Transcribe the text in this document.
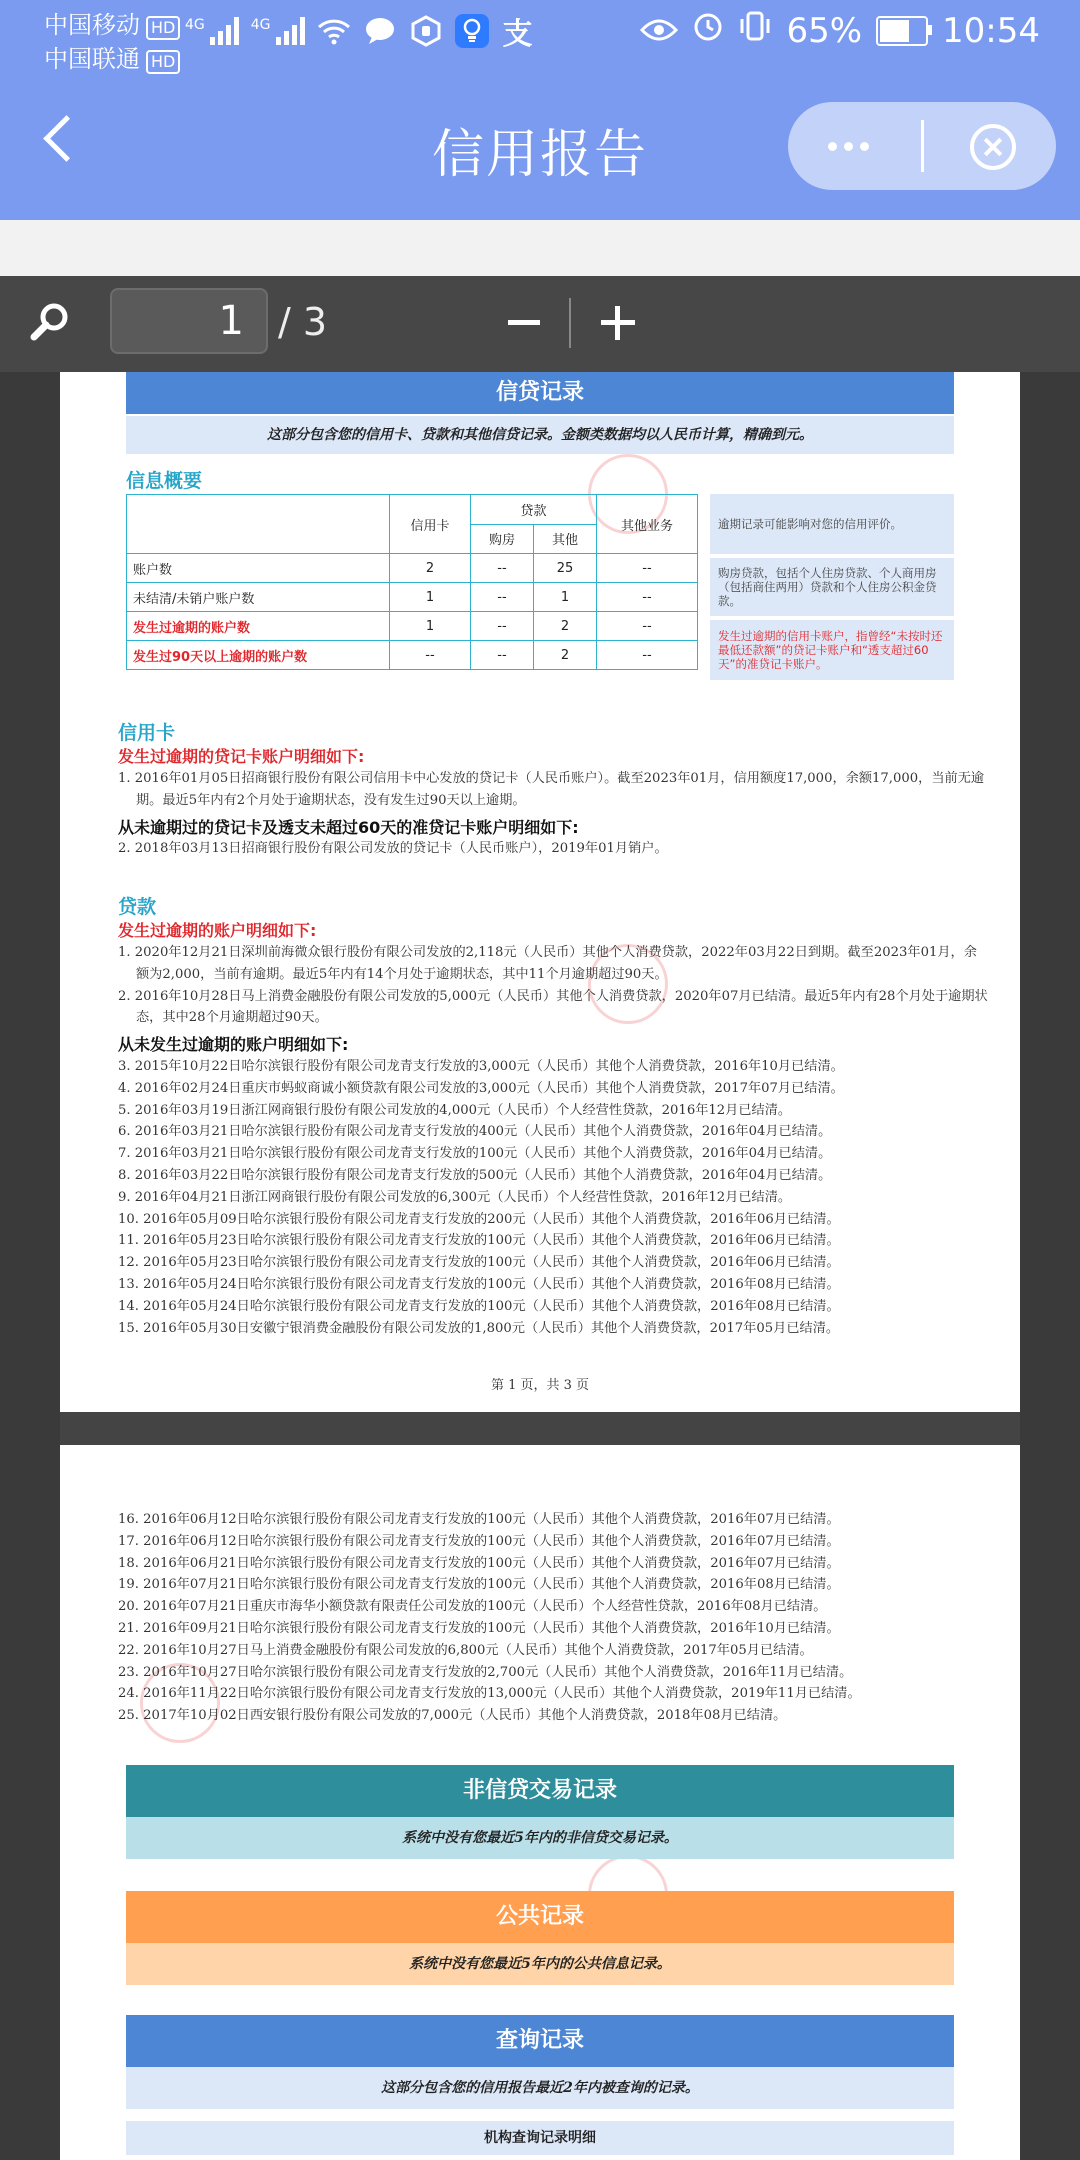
中国移动 HD
中国联通 HD
4G	4G	支	65% 10:54
信用报告
1 / 3
信贷记录
这部分包含您的信用卡、贷款和其他信贷记录。金额类数据均以人民币计算，精确到元。
信息概要
	信用卡	贷款		其他业务
		购房	其他	
账户数	2	--	25	--
未结清/未销户账户数	1	--	1	--
发生过逾期的账户数	1	--	2	--
发生过90天以上逾期的账户数	--	--	2	--
逾期记录可能影响对您的信用评价。
购房贷款，包括个人住房贷款、个人商用房（包括商住两用）贷款和个人住房公积金贷款。
发生过逾期的信用卡账户，指曾经“未按时还最低还款额”的贷记卡账户和“透支超过60天”的准贷记卡账户。
信用卡
发生过逾期的贷记卡账户明细如下:
1. 2016年01月05日招商银行股份有限公司信用卡中心发放的贷记卡（人民币账户）。截至2023年01月，信用额度17,000，余额17,000，当前无逾期。最近5年内有2个月处于逾期状态，没有发生过90天以上逾期。
从未逾期过的贷记卡及透支未超过60天的准贷记卡账户明细如下:
2. 2018年03月13日招商银行股份有限公司发放的贷记卡（人民币账户），2019年01月销户。
贷款
发生过逾期的账户明细如下:
1. 2020年12月21日深圳前海微众银行股份有限公司发放的2,118元（人民币）其他个人消费贷款，2022年03月22日到期。截至2023年01月，余额为2,000，当前有逾期。最近5年内有14个月处于逾期状态，其中11个月逾期超过90天。
2. 2016年10月28日马上消费金融股份有限公司发放的5,000元（人民币）其他个人消费贷款，2020年07月已结清。最近5年内有28个月处于逾期状态，其中28个月逾期超过90天。
从未发生过逾期的账户明细如下:
3. 2015年10月22日哈尔滨银行股份有限公司龙青支行发放的3,000元（人民币）其他个人消费贷款，2016年10月已结清。
4. 2016年02月24日重庆市蚂蚁商诚小额贷款有限公司发放的3,000元（人民币）其他个人消费贷款，2017年07月已结清。
5. 2016年03月19日浙江网商银行股份有限公司发放的4,000元（人民币）个人经营性贷款，2016年12月已结清。
6. 2016年03月21日哈尔滨银行股份有限公司龙青支行发放的400元（人民币）其他个人消费贷款，2016年04月已结清。
7. 2016年03月21日哈尔滨银行股份有限公司龙青支行发放的100元（人民币）其他个人消费贷款，2016年04月已结清。
8. 2016年03月22日哈尔滨银行股份有限公司龙青支行发放的500元（人民币）其他个人消费贷款，2016年04月已结清。
9. 2016年04月21日浙江网商银行股份有限公司发放的6,300元（人民币）个人经营性贷款，2016年12月已结清。
10. 2016年05月09日哈尔滨银行股份有限公司龙青支行发放的200元（人民币）其他个人消费贷款，2016年06月已结清。
11. 2016年05月23日哈尔滨银行股份有限公司龙青支行发放的100元（人民币）其他个人消费贷款，2016年06月已结清。
12. 2016年05月23日哈尔滨银行股份有限公司龙青支行发放的100元（人民币）其他个人消费贷款，2016年06月已结清。
13. 2016年05月24日哈尔滨银行股份有限公司龙青支行发放的100元（人民币）其他个人消费贷款，2016年08月已结清。
14. 2016年05月24日哈尔滨银行股份有限公司龙青支行发放的100元（人民币）其他个人消费贷款，2016年08月已结清。
15. 2016年05月30日安徽宁银消费金融股份有限公司发放的1,800元（人民币）其他个人消费贷款，2017年05月已结清。
第 1 页，共 3 页
16. 2016年06月12日哈尔滨银行股份有限公司龙青支行发放的100元（人民币）其他个人消费贷款，2016年07月已结清。
17. 2016年06月12日哈尔滨银行股份有限公司龙青支行发放的100元（人民币）其他个人消费贷款，2016年07月已结清。
18. 2016年06月21日哈尔滨银行股份有限公司龙青支行发放的100元（人民币）其他个人消费贷款，2016年07月已结清。
19. 2016年07月21日哈尔滨银行股份有限公司龙青支行发放的100元（人民币）其他个人消费贷款，2016年08月已结清。
20. 2016年07月21日重庆市海华小额贷款有限责任公司发放的100元（人民币）个人经营性贷款，2016年08月已结清。
21. 2016年09月21日哈尔滨银行股份有限公司龙青支行发放的100元（人民币）其他个人消费贷款，2016年10月已结清。
22. 2016年10月27日马上消费金融股份有限公司发放的6,800元（人民币）其他个人消费贷款，2017年05月已结清。
23. 2016年10月27日哈尔滨银行股份有限公司龙青支行发放的2,700元（人民币）其他个人消费贷款，2016年11月已结清。
24. 2016年11月22日哈尔滨银行股份有限公司龙青支行发放的13,000元（人民币）其他个人消费贷款，2019年11月已结清。
25. 2017年10月02日西安银行股份有限公司发放的7,000元（人民币）其他个人消费贷款，2018年08月已结清。
非信贷交易记录
系统中没有您最近5年内的非信贷交易记录。
公共记录
系统中没有您最近5年内的公共信息记录。
查询记录
这部分包含您的信用报告最近2年内被查询的记录。
机构查询记录明细
